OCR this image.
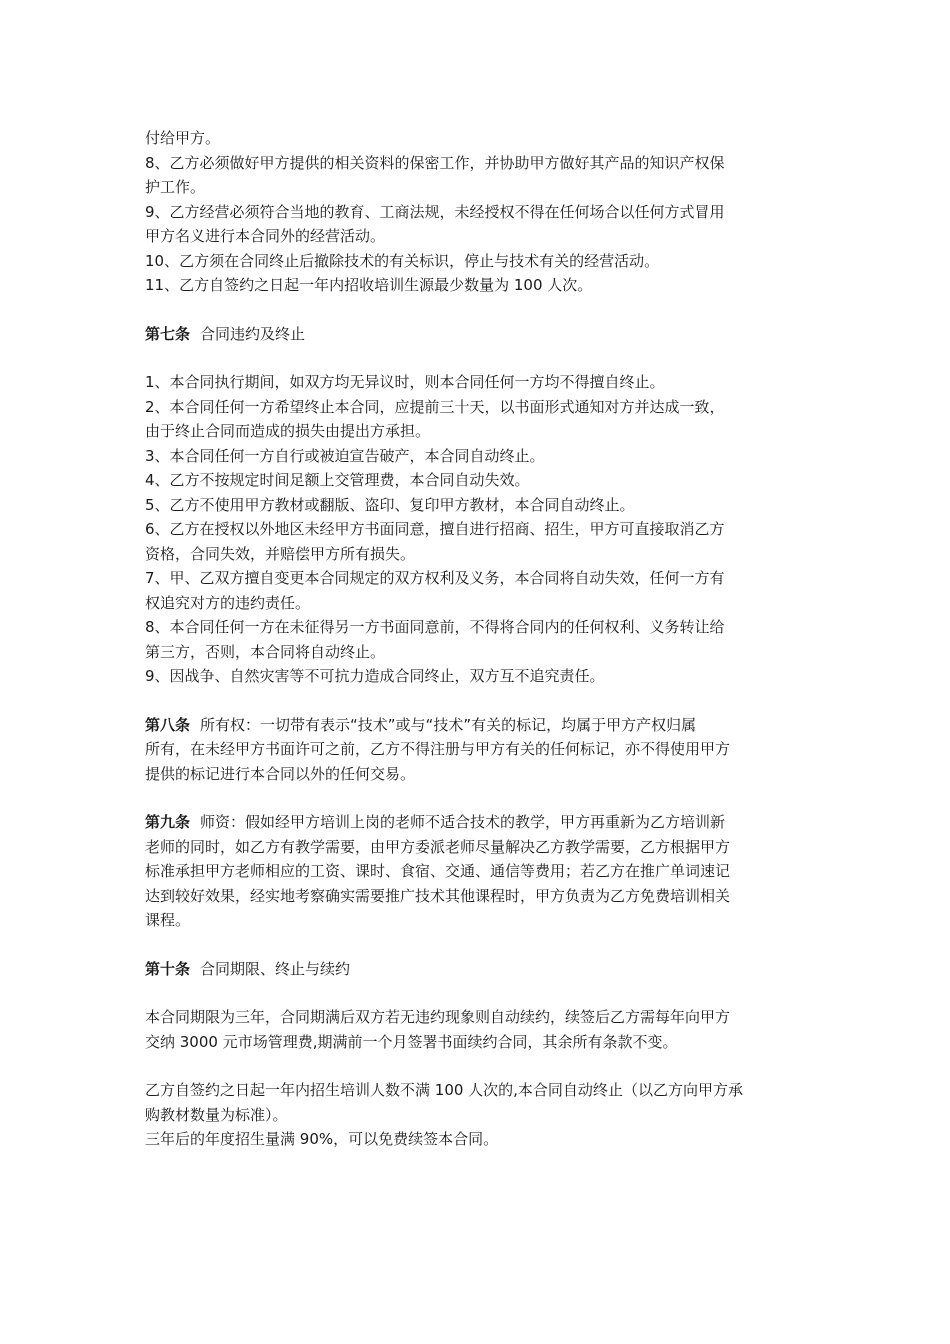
付给甲方。

8、乙方必须做好甲方提供的相关资料的保密工作，并协助甲方做好其产品的知识产权保

护工作。

9、乙方经营必须符合当地的教育、工商法规，未经授权不得在任何场合以任何方式冒用

甲方名义进行本合同外的经营活动。

10、乙方须在合同终止后撤除技术的有关标识，停止与技术有关的经营活动。

11、乙方自签约之日起一年内招收培训生源最少数量为 100 人次。

第七条 合同违约及终止

1、本合同执行期间，如双方均无异议时，则本合同任何一方均不得擅自终止。

2、本合同任何一方希望终止本合同，应提前三十天，以书面形式通知对方并达成一致，

由于终止合同而造成的损失由提出方承担。

3、本合同任何一方自行或被迫宣告破产，本合同自动终止。

4、乙方不按规定时间足额上交管理费，本合同自动失效。

5、乙方不使用甲方教材或翻版、盗印、复印甲方教材，本合同自动终止。

6、乙方在授权以外地区未经甲方书面同意，擅自进行招商、招生，甲方可直接取消乙方

资格，合同失效，并赔偿甲方所有损失。

7、甲、乙双方擅自变更本合同规定的双方权利及义务，本合同将自动失效，任何一方有

权追究对方的违约责任。

8、本合同任何一方在未征得另一方书面同意前，不得将合同内的任何权利、义务转让给

第三方，否则，本合同将自动终止。

9、因战争、自然灾害等不可抗力造成合同终止，双方互不追究责任。

第八条 所有权：一切带有表示“技术”或与“技术”有关的标记，均属于甲方产权归属

所有，在未经甲方书面许可之前，乙方不得注册与甲方有关的任何标记，亦不得使用甲方

提供的标记进行本合同以外的任何交易。

第九条 师资：假如经甲方培训上岗的老师不适合技术的教学，甲方再重新为乙方培训新

老师的同时，如乙方有教学需要，由甲方委派老师尽量解决乙方教学需要，乙方根据甲方

标准承担甲方老师相应的工资、课时、食宿、交通、通信等费用；若乙方在推广单词速记

达到较好效果，经实地考察确实需要推广技术其他课程时，甲方负责为乙方免费培训相关

课程。

第十条 合同期限、终止与续约

本合同期限为三年，合同期满后双方若无违约现象则自动续约，续签后乙方需每年向甲方

交纳 3000 元市场管理费,期满前一个月签署书面续约合同，其余所有条款不变。

乙方自签约之日起一年内招生培训人数不满 100 人次的,本合同自动终止（以乙方向甲方承

购教材数量为标准）。

三年后的年度招生量满 90%，可以免费续签本合同。
